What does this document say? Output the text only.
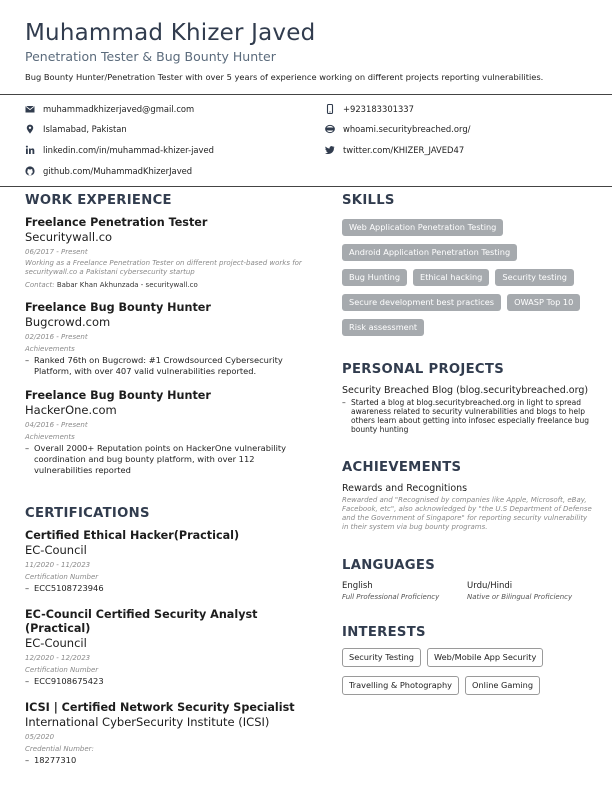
Muhammad Khizer Javed
Penetration Tester & Bug Bounty Hunter
Bug Bounty Hunter/Penetration Tester with over 5 years of experience working on different projects reporting vulnerabilities.
muhammadkhizerjaved@gmail.com	+923183301337
Islamabad, Pakistan	whoami.securitybreached.org/
linkedin.com/in/muhammad-khizer-javed	twitter.com/KHIZER_JAVED47
github.com/MuhammadKhizerJaved
WORK EXPERIENCE
Freelance Penetration Tester
Securitywall.co
06/2017 - Present
Working as a Freelance Penetration Tester on different project-based works for securitywall.co a Pakistani cybersecurity startup
Contact: Babar Khan Akhunzada - securitywall.co
Freelance Bug Bounty Hunter
Bugcrowd.com
02/2016 - Present
Achievements
– Ranked 76th on Bugcrowd: #1 Crowdsourced Cybersecurity Platform, with over 407 valid vulnerabilities reported.
Freelance Bug Bounty Hunter
HackerOne.com
04/2016 - Present
Achievements
– Overall 2000+ Reputation points on HackerOne vulnerability coordination and bug bounty platform, with over 112 vulnerabilities reported
CERTIFICATIONS
Certified Ethical Hacker(Practical)
EC-Council
11/2020 - 11/2023
Certification Number
– ECC5108723946
EC-Council Certified Security Analyst (Practical)
EC-Council
12/2020 - 12/2023
Certification Number
– ECC9108675423
ICSI | Certified Network Security Specialist
International CyberSecurity Institute (ICSI)
05/2020
Credential Number:
– 18277310
SKILLS
Web Application Penetration Testing
Android Application Penetration Testing
Bug Hunting	Ethical hacking	Security testing
Secure development best practices	OWASP Top 10
Risk assessment
PERSONAL PROJECTS
Security Breached Blog (blog.securitybreached.org)
– Started a blog at blog.securitybreached.org in light to spread awareness related to security vulnerabilities and blogs to help others learn about getting into infosec especially freelance bug bounty hunting
ACHIEVEMENTS
Rewards and Recognitions
Rewarded and "Recognised by companies like Apple, Microsoft, eBay, Facebook, etc", also acknowledged by "the U.S Department of Defense and the Government of Singapore" for reporting security vulnerability in their system via bug bounty programs.
LANGUAGES
English
Full Professional Proficiency
Urdu/Hindi
Native or Bilingual Proficiency
INTERESTS
Security Testing	Web/Mobile App Security
Travelling & Photography	Online Gaming
